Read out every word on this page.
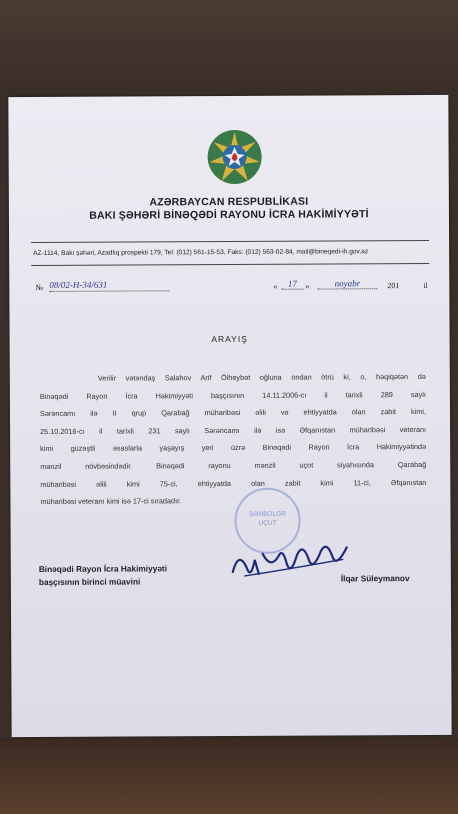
AZƏRBAYCAN RESPUBLİKASI
BAKI ŞƏHƏRİ BİNƏQƏDİ RAYONU İCRA HAKİMİYYƏTİ
AZ-1114, Bakı şəhəri, Azadlıq prospekti 179, Tel: (012) 561-15-53, Faks: (012) 563-02-84, mail@bineqedi-ih.gov.az
№ 08/02-H-34/631	«	17	»	noyabr	201	il
ARAYIŞ
Verilir vətəndaş Salahov Arif Ölheybət oğluna ondan ötrü ki, o, həqiqətən də
Binəqədi Rayon İcra Hakimiyyəti başçısının 14.11.2006-cı il tarixli 289 saylı
Sərəncamı ilə II qrup Qarabağ müharibəsi əlili və ehtiyyatda olan zabit kimi,
25.10.2016-cı il tarixli 231 saylı Sərəncamı ilə isə Əfqanıstan müharibəsi veteranı
kimi güzəştli əsaslarla yaşayış yeri üzrə Binəqədi Rayon İcra Hakimiyyətində
mənzil növbəsindədir. Binəqədi rayonu mənzil uçot siyahısında Qarabağ
müharibəsi əlili kimi 75-ci, ehtiyyatda olan zabit kimi 11-ci, Əfqanıstan
müharibəsi veteranı kimi isə 17-ci sıradadır.
ŞƏNBOLGR
UÇUT
Binəqədi Rayon İcra Hakimiyyəti
başçısının birinci müavini	İlqar Süleymanov
